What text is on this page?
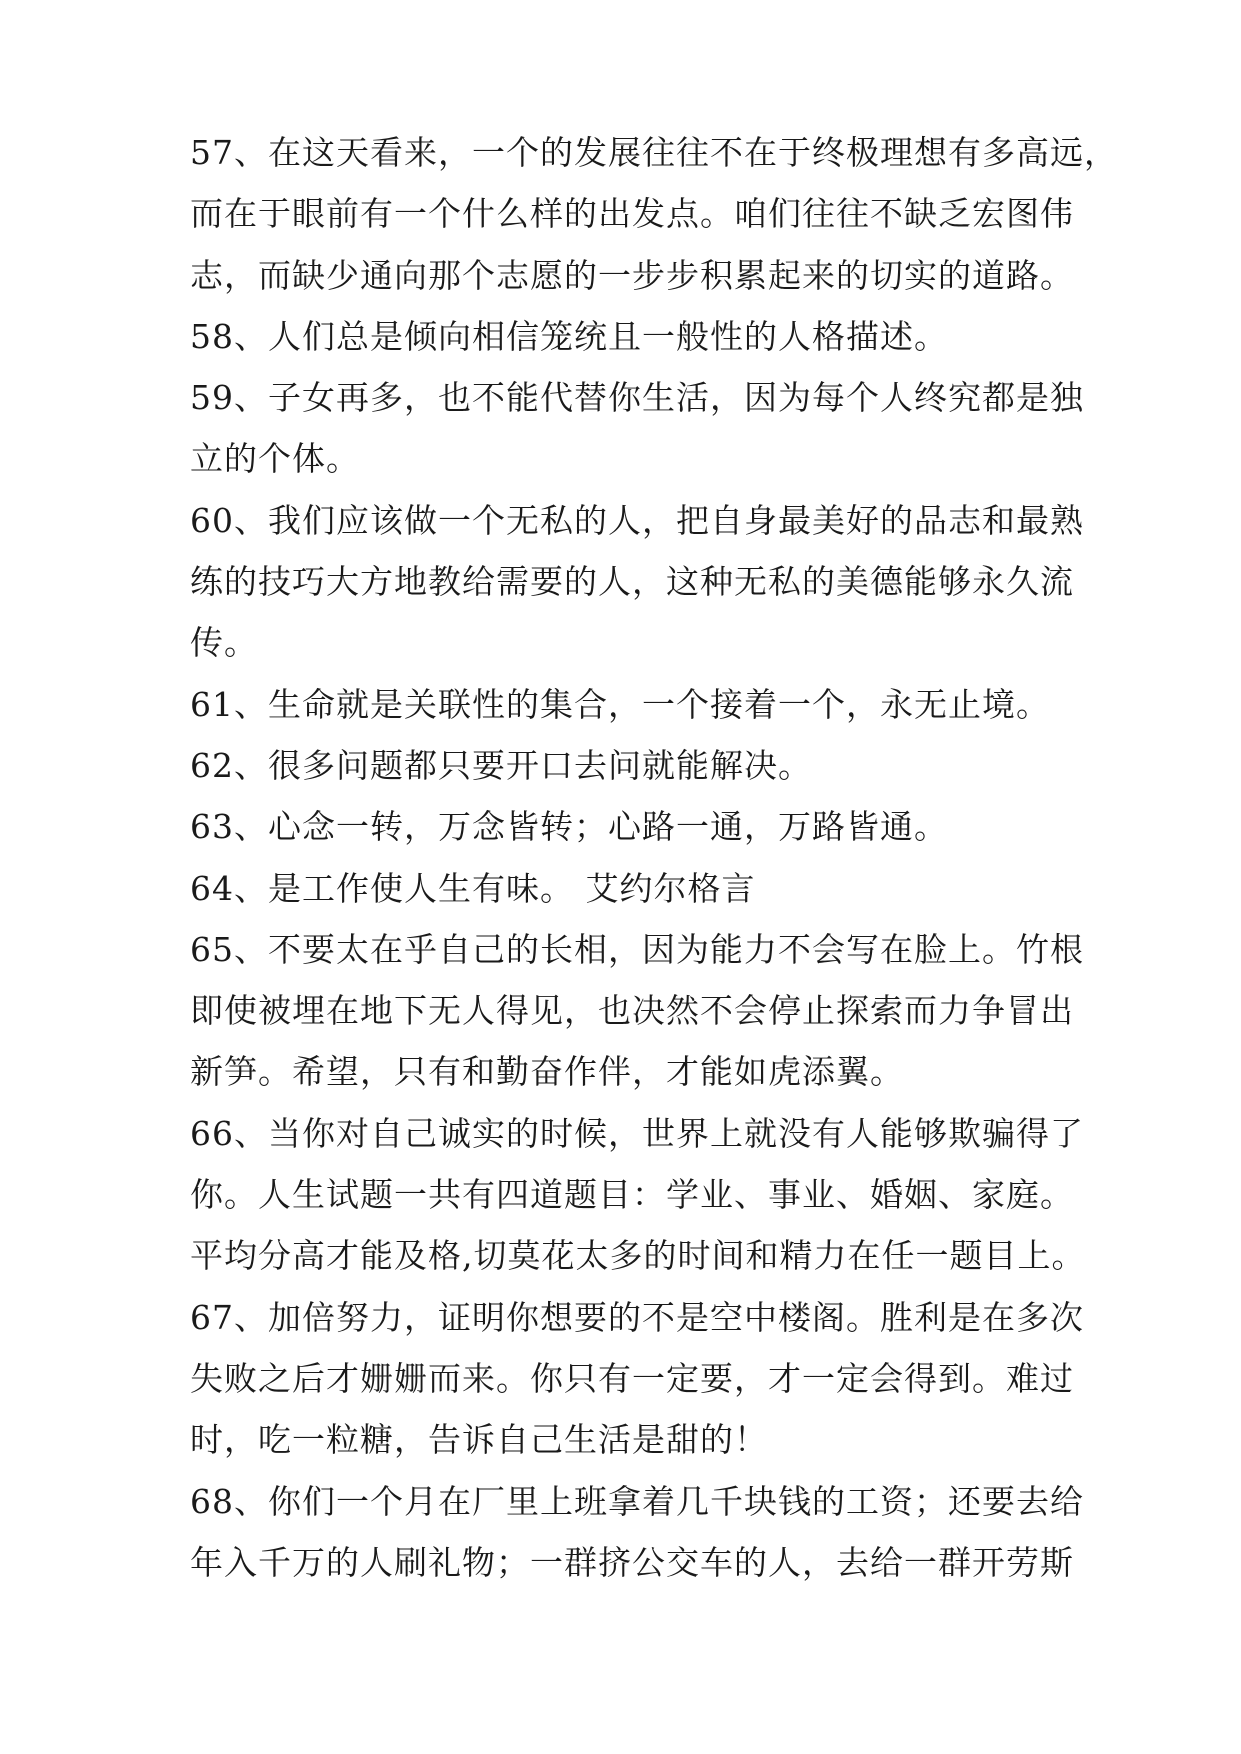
57、在这天看来，一个的发展往往不在于终极理想有多高远，
而在于眼前有一个什么样的出发点。咱们往往不缺乏宏图伟
志，而缺少通向那个志愿的一步步积累起来的切实的道路。
58、人们总是倾向相信笼统且一般性的人格描述。
59、子女再多，也不能代替你生活，因为每个人终究都是独
立的个体。
60、我们应该做一个无私的人，把自身最美好的品志和最熟
练的技巧大方地教给需要的人，这种无私的美德能够永久流
传。
61、生命就是关联性的集合，一个接着一个，永无止境。
62、很多问题都只要开口去问就能解决。
63、心念一转，万念皆转；心路一通，万路皆通。
64、是工作使人生有味。 艾约尔格言
65、不要太在乎自己的长相，因为能力不会写在脸上。竹根
即使被埋在地下无人得见，也决然不会停止探索而力争冒出
新笋。希望，只有和勤奋作伴，才能如虎添翼。
66、当你对自己诚实的时候，世界上就没有人能够欺骗得了
你。人生试题一共有四道题目：学业、事业、婚姻、家庭。
平均分高才能及格,切莫花太多的时间和精力在任一题目上。
67、加倍努力，证明你想要的不是空中楼阁。胜利是在多次
失败之后才姗姗而来。你只有一定要，才一定会得到。难过
时，吃一粒糖，告诉自己生活是甜的！
68、你们一个月在厂里上班拿着几千块钱的工资；还要去给
年入千万的人刷礼物；一群挤公交车的人，去给一群开劳斯
